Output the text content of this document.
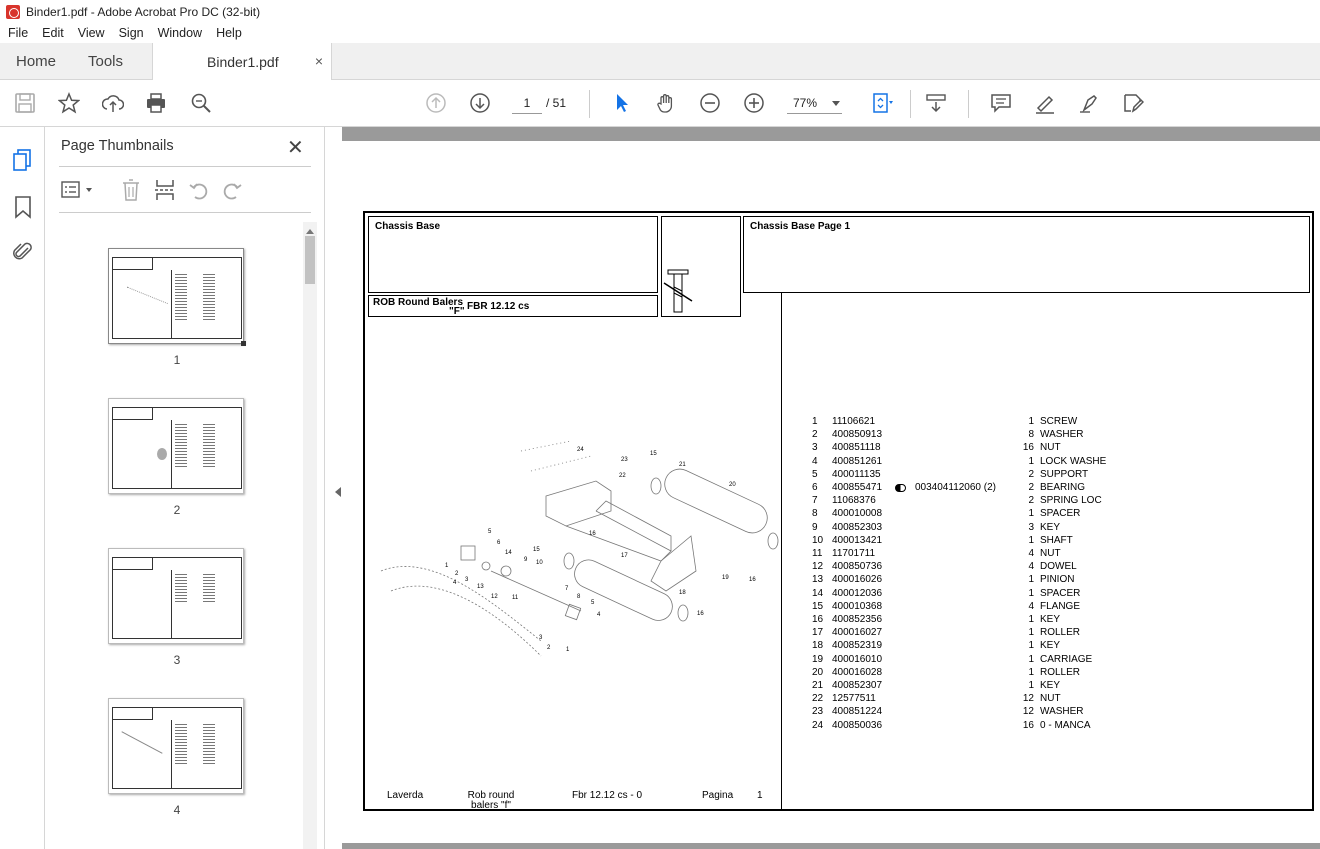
Binder1.pdf - Adobe Acrobat Pro DC (32-bit)
File	Edit	View	Sign	Window	Help
Home Tools	Binder1.pdf	×
1	/ 51	77%
Page Thumbnails	✕
1
2
3
4
Chassis Base
ROB Round Balers
"F" FBR 12.12 cs
Chassis Base Page 1
24
23
15
21
22
20
5
6
16
14	15
9 10
17
13
1
2
3
4
11
12
7
8
18
19	16
16
5
4
3
2	1
1	11106621	1 SCREW
2	400850913	8 WASHER
3	400851118	16 NUT
4	400851261	1 LOCK WASHE
5	400011135	2 SUPPORT
6	400855471	2 BEARING
003404112060 (2)
7	11068376	2 SPRING LOC
8	400010008	1 SPACER
9	400852303	3 KEY
10 400013421	1 SHAFT
11 11701711	4 NUT
12 400850736	4 DOWEL
13 400016026	1 PINION
14 400012036	1 SPACER
15 400010368	4 FLANGE
16 400852356	1 KEY
17 400016027	1 ROLLER
18 400852319	1 KEY
19 400016010	1 CARRIAGE
20 400016028	1 ROLLER
21 400852307	1 KEY
22 12577511	12 NUT
23 400851224	12 WASHER
24 400850036	16 0 - MANCA
Laverda	Rob round
balers "f"
Fbr 12.12 cs - 0	Pagina 1
